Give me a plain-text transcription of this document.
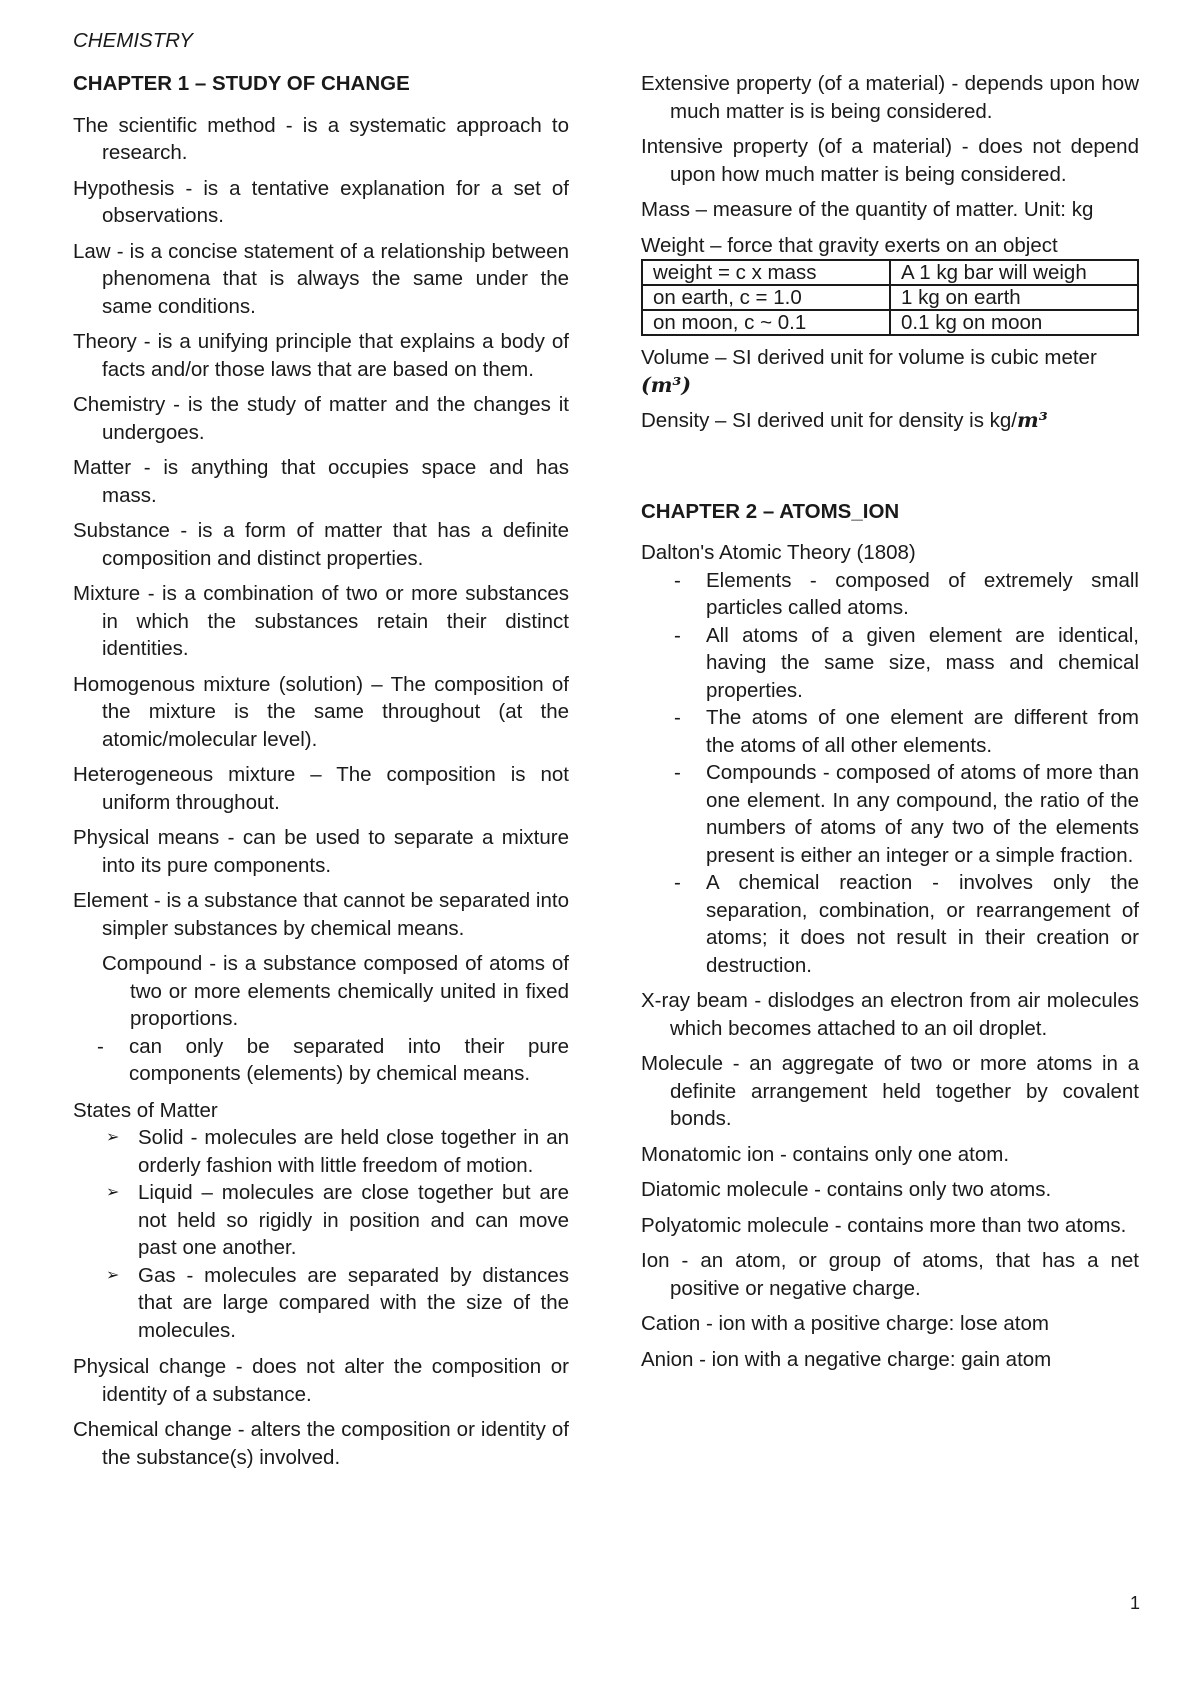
CHEMISTRY
CHAPTER 1 – STUDY OF CHANGE

The scientific method - is a systematic approach to research.

Hypothesis - is a tentative explanation for a set of observations.

Law - is a concise statement of a relationship between phenomena that is always the same under the same conditions.

Theory - is a unifying principle that explains a body of facts and/or those laws that are based on them.

Chemistry - is the study of matter and the changes it undergoes.

Matter - is anything that occupies space and has mass.

Substance - is a form of matter that has a definite composition and distinct properties.

Mixture - is a combination of two or more substances in which the substances retain their distinct identities.

Homogenous mixture (solution) – The composition of the mixture is the same throughout (at the atomic/molecular level).

Heterogeneous mixture – The composition is not uniform throughout.

Physical means - can be used to separate a mixture into its pure components.

Element - is a substance that cannot be separated into simpler substances by chemical means.

Compound - is a substance composed of atoms of two or more elements chemically united in fixed proportions.

- can only be separated into their pure components (elements) by chemical means.

States of Matter

➢ Solid - molecules are held close together in an orderly fashion with little freedom of motion.
➢ Liquid – molecules are close together but are not held so rigidly in position and can move past one another.
➢ Gas - molecules are separated by distances that are large compared with the size of the molecules.

Physical change - does not alter the composition or identity of a substance.

Chemical change - alters the composition or identity of the substance(s) involved.

Extensive property (of a material) - depends upon how much matter is is being considered.

Intensive property (of a material) - does not depend upon how much matter is being considered.

Mass – measure of the quantity of matter. Unit: kg

Weight – force that gravity exerts on an object

weight = c x mass	A 1 kg bar will weigh
on earth, c = 1.0	1 kg on earth
on moon, c ~ 0.1	0.1 kg on moon

Volume – SI derived unit for volume is cubic meter
(m³)

Density – SI derived unit for density is kg/m³

CHAPTER 2 – ATOMS_ION

Dalton's Atomic Theory (1808)

- Elements - composed of extremely small particles called atoms.
- All atoms of a given element are identical, having the same size, mass and chemical properties.
- The atoms of one element are different from the atoms of all other elements.
- Compounds - composed of atoms of more than one element. In any compound, the ratio of the numbers of atoms of any two of the elements present is either an integer or a simple fraction.
- A chemical reaction - involves only the separation, combination, or rearrangement of atoms; it does not result in their creation or destruction.

X-ray beam - dislodges an electron from air molecules which becomes attached to an oil droplet.

Molecule - an aggregate of two or more atoms in a definite arrangement held together by covalent bonds.

Monatomic ion - contains only one atom.

Diatomic molecule - contains only two atoms.

Polyatomic molecule - contains more than two atoms.

Ion - an atom, or group of atoms, that has a net positive or negative charge.

Cation - ion with a positive charge: lose atom

Anion - ion with a negative charge: gain atom

1
